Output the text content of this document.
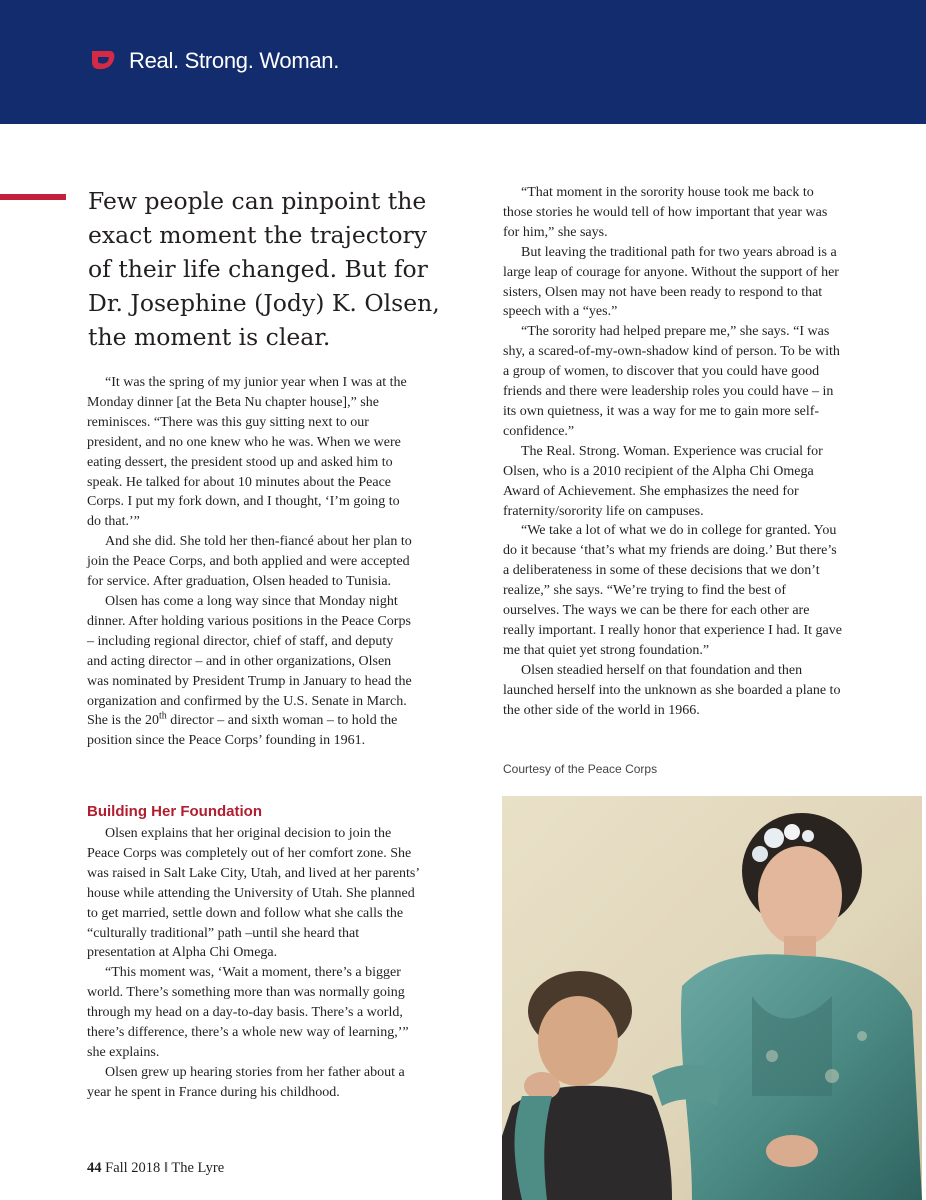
Real. Strong. Woman.
Few people can pinpoint the exact moment the trajectory of their life changed. But for Dr. Josephine (Jody) K. Olsen, the moment is clear.

“It was the spring of my junior year when I was at the Monday dinner [at the Beta Nu chapter house],” she reminisces. “There was this guy sitting next to our president, and no one knew who he was. When we were eating dessert, the president stood up and asked him to speak. He talked for about 10 minutes about the Peace Corps. I put my fork down, and I thought, ‘I’m going to do that.’”

And she did. She told her then-fiancé about her plan to join the Peace Corps, and both applied and were accepted for service. After graduation, Olsen headed to Tunisia.

Olsen has come a long way since that Monday night dinner. After holding various positions in the Peace Corps – including regional director, chief of staff, and deputy and acting director – and in other organizations, Olsen was nominated by President Trump in January to head the organization and confirmed by the U.S. Senate in March. She is the 20th director – and sixth woman – to hold the position since the Peace Corps’ founding in 1961.

Building Her Foundation

Olsen explains that her original decision to join the Peace Corps was completely out of her comfort zone. She was raised in Salt Lake City, Utah, and lived at her parents’ house while attending the University of Utah. She planned to get married, settle down and follow what she calls the “culturally traditional” path –until she heard that presentation at Alpha Chi Omega.

“This moment was, ‘Wait a moment, there’s a bigger world. There’s something more than was normally going through my head on a day-to-day basis. There’s a world, there’s difference, there’s a whole new way of learning,’” she explains.

Olsen grew up hearing stories from her father about a year he spent in France during his childhood.

“That moment in the sorority house took me back to those stories he would tell of how important that year was for him,” she says.

But leaving the traditional path for two years abroad is a large leap of courage for anyone. Without the support of her sisters, Olsen may not have been ready to respond to that speech with a “yes.”

“The sorority had helped prepare me,” she says. “I was shy, a scared-of-my-own-shadow kind of person. To be with a group of women, to discover that you could have good friends and there were leadership roles you could have – in its own quietness, it was a way for me to gain more self-confidence.”

The Real. Strong. Woman. Experience was crucial for Olsen, who is a 2010 recipient of the Alpha Chi Omega Award of Achievement. She emphasizes the need for fraternity/sorority life on campuses.

“We take a lot of what we do in college for granted. You do it because ‘that’s what my friends are doing.’ But there’s a deliberateness in some of these decisions that we don’t realize,” she says. “We’re trying to find the best of ourselves. The ways we can be there for each other are really important. I really honor that experience I had. It gave me that quiet yet strong foundation.”

Olsen steadied herself on that foundation and then launched herself into the unknown as she boarded a plane to the other side of the world in 1966.

Courtesy of the Peace Corps
44 Fall 2018 ‖ The Lyre
